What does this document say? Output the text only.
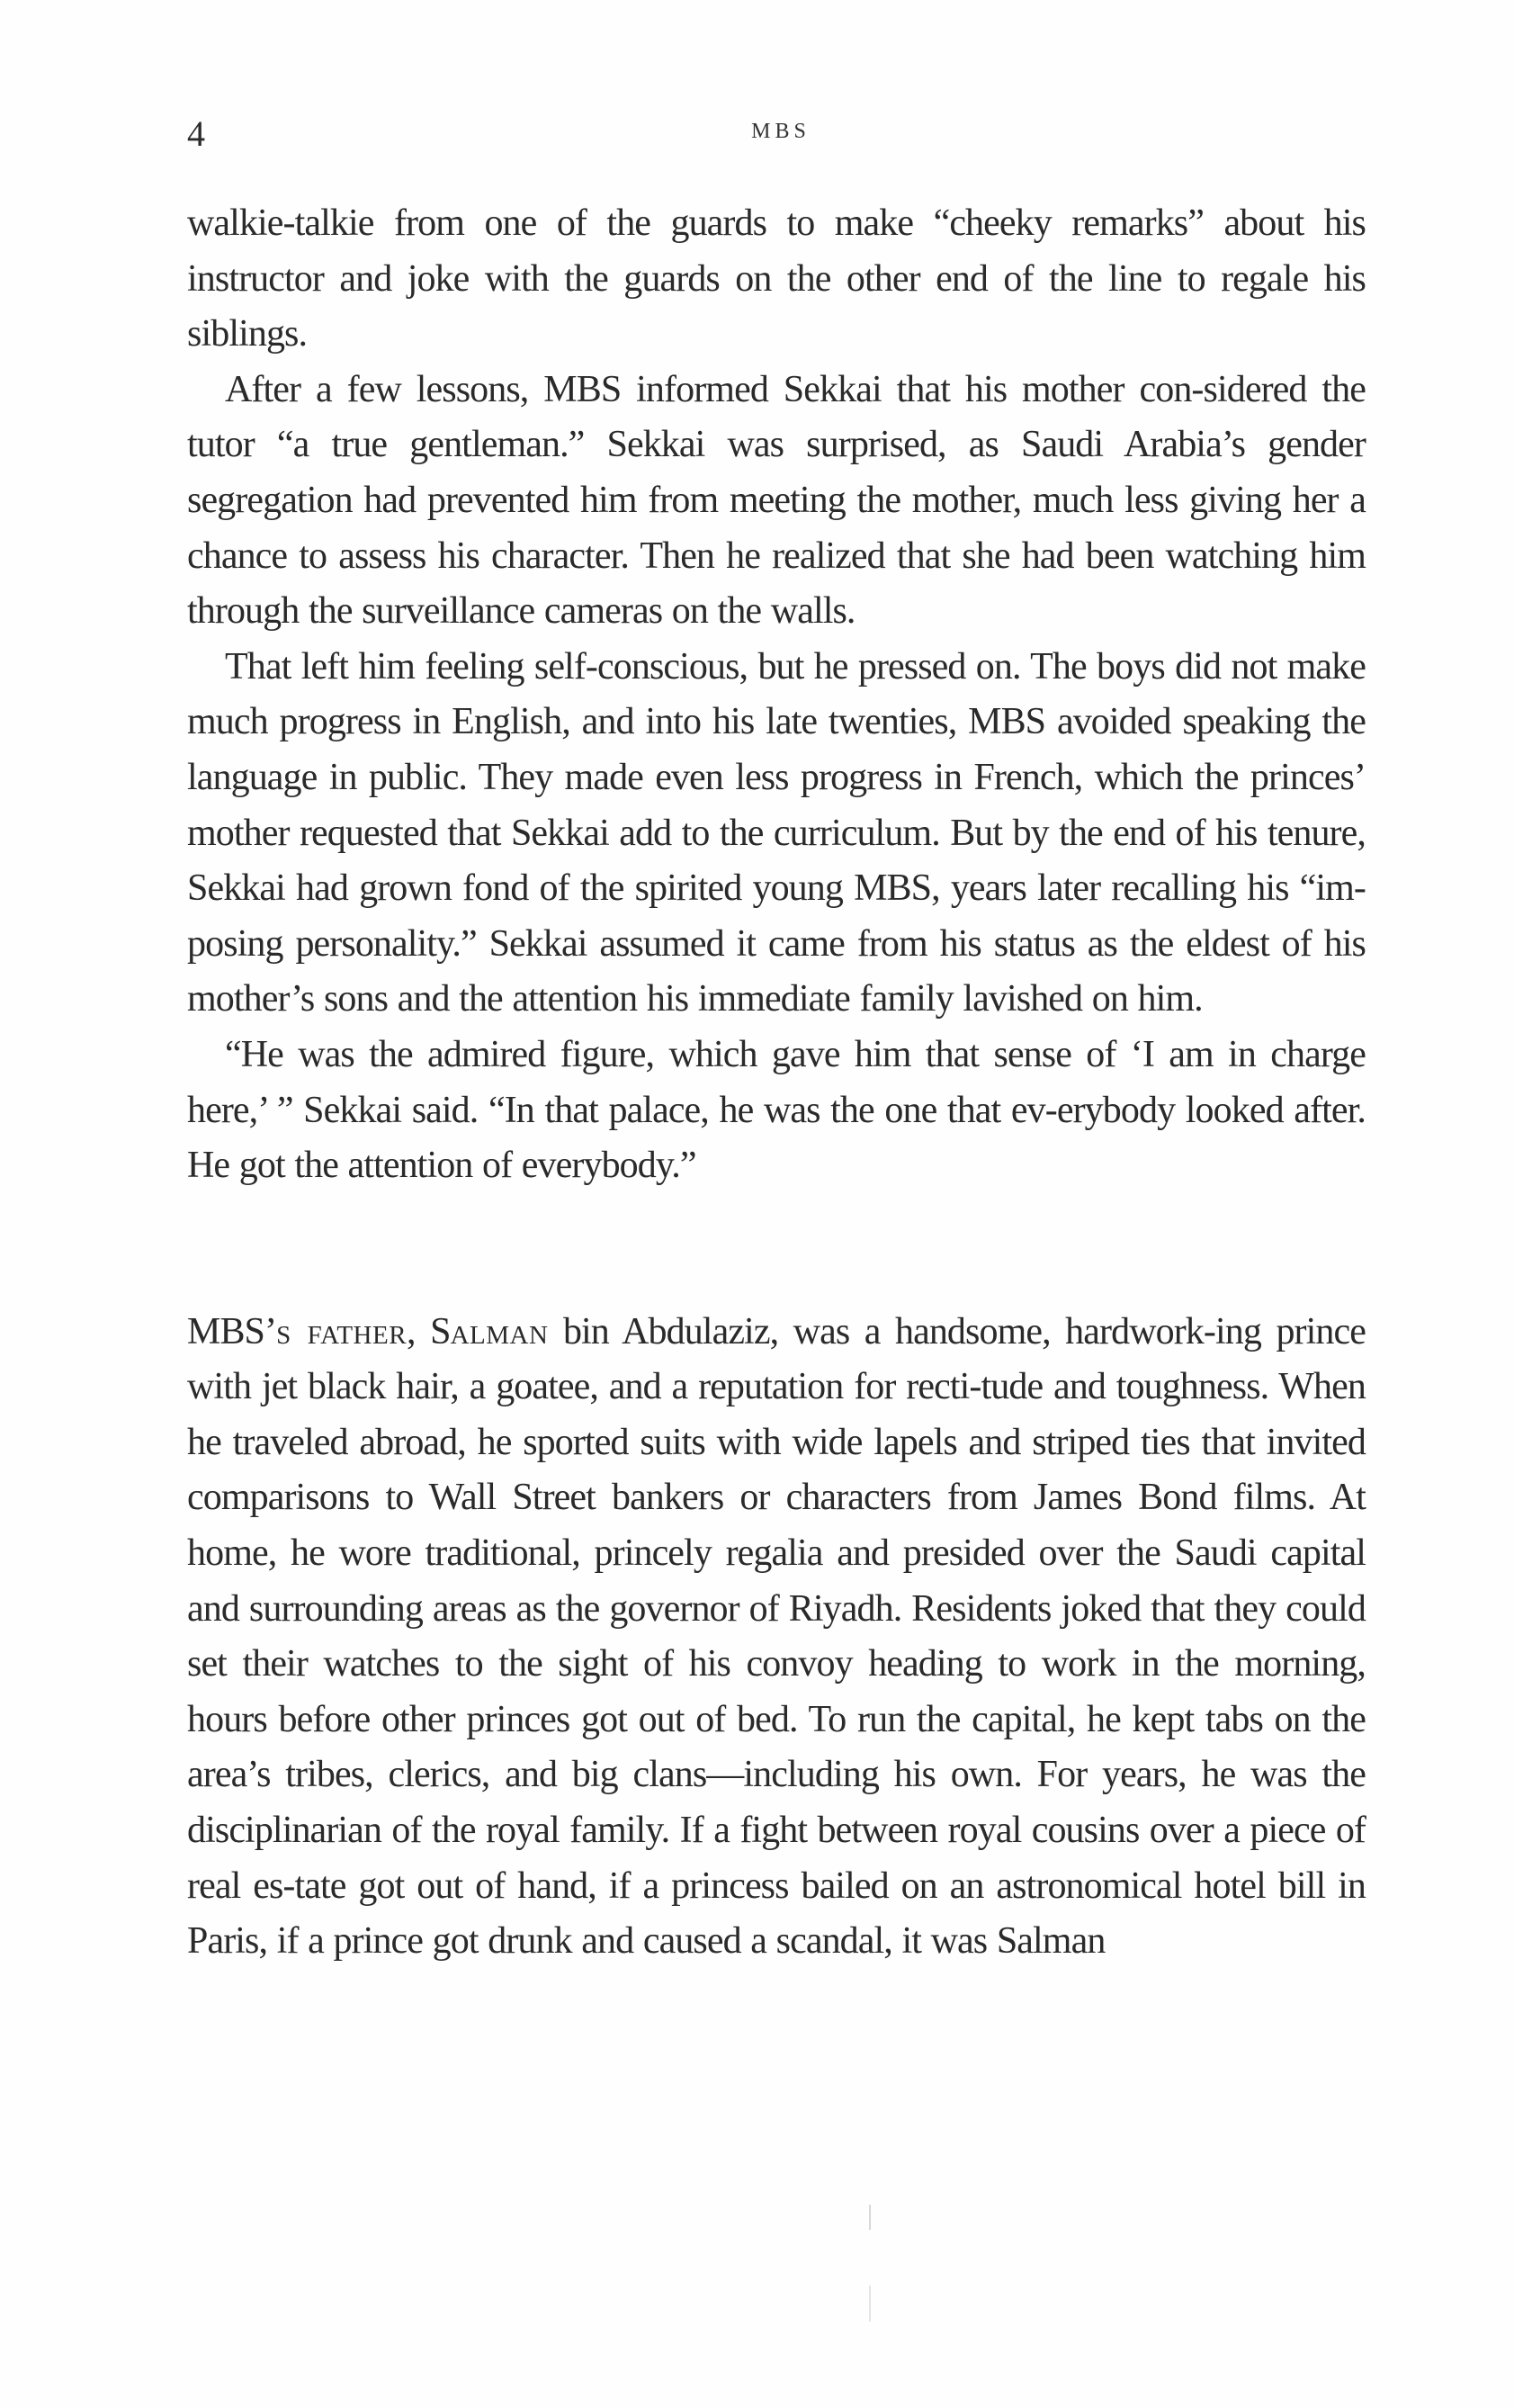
4	MBS

walkie-talkie from one of the guards to make “cheeky remarks” about his instructor and joke with the guards on the other end of the line to regale his siblings.

After a few lessons, MBS informed Sekkai that his mother con-sidered the tutor “a true gentleman.” Sekkai was surprised, as Saudi Arabia’s gender segregation had prevented him from meeting the mother, much less giving her a chance to assess his character. Then he realized that she had been watching him through the surveillance cameras on the walls.

That left him feeling self-conscious, but he pressed on. The boys did not make much progress in English, and into his late twenties, MBS avoided speaking the language in public. They made even less progress in French, which the princes’ mother requested that Sekkai add to the curriculum. But by the end of his tenure, Sekkai had grown fond of the spirited young MBS, years later recalling his “im-posing personality.” Sekkai assumed it came from his status as the eldest of his mother’s sons and the attention his immediate family lavished on him.

“He was the admired figure, which gave him that sense of ‘I am in charge here,’ ” Sekkai said. “In that palace, he was the one that ev-erybody looked after. He got the attention of everybody.”

MBS’s father, Salman bin Abdulaziz, was a handsome, hardwork-ing prince with jet black hair, a goatee, and a reputation for recti-tude and toughness. When he traveled abroad, he sported suits with wide lapels and striped ties that invited comparisons to Wall Street bankers or characters from James Bond films. At home, he wore traditional, princely regalia and presided over the Saudi capital and surrounding areas as the governor of Riyadh. Residents joked that they could set their watches to the sight of his convoy heading to work in the morning, hours before other princes got out of bed. To run the capital, he kept tabs on the area’s tribes, clerics, and big clans—including his own. For years, he was the disciplinarian of the royal family. If a fight between royal cousins over a piece of real es-tate got out of hand, if a princess bailed on an astronomical hotel bill in Paris, if a prince got drunk and caused a scandal, it was Salman
